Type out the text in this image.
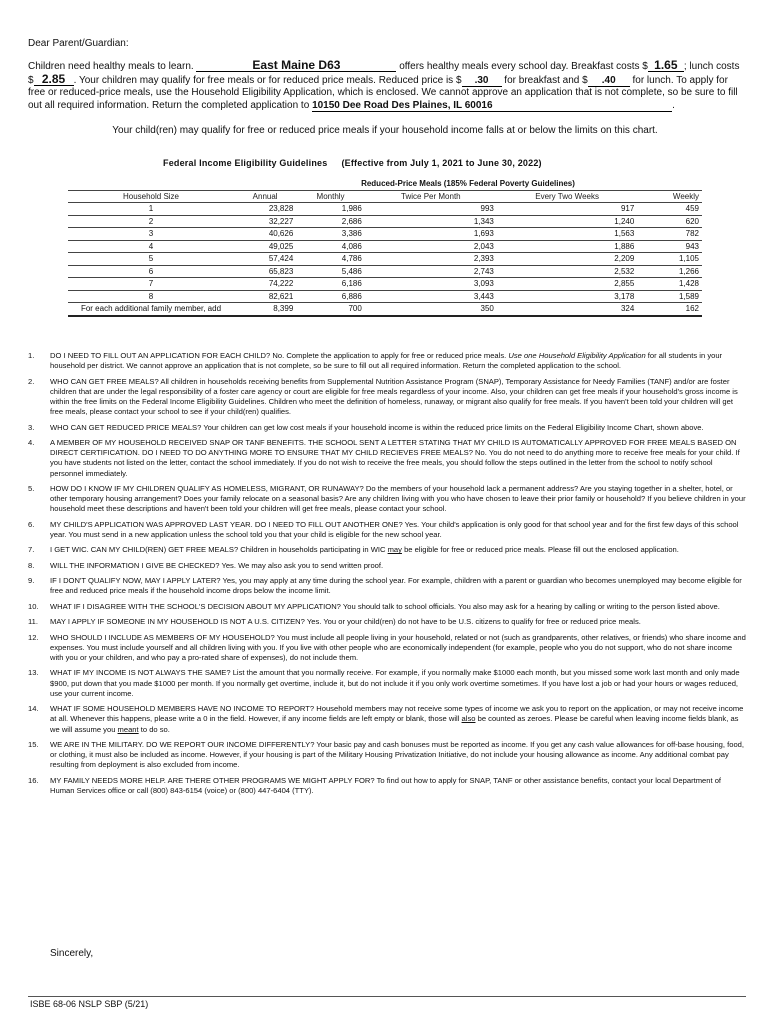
Dear Parent/Guardian:
Children need healthy meals to learn.	East Maine D63	offers healthy meals every school day. Breakfast costs $ 1.65 ; lunch costs $ 2.85 . Your children may qualify for free meals or for reduced price meals. Reduced price is $ .30 for breakfast and $ .40 for lunch. To apply for free or reduced-price meals, use the Household Eligibility Application, which is enclosed. We cannot approve an application that is not complete, so be sure to fill out all required information. Return the completed application to 10150 Dee Road Des Plaines, IL 60016	.
Your child(ren) may qualify for free or reduced price meals if your household income falls at or below the limits on this chart.
Federal Income Eligibility Guidelines (Effective from July 1, 2021 to June 30, 2022)
	Reduced-Price Meals (185% Federal Poverty Guidelines)				
Household Size	Annual	Monthly	Twice Per Month	Every Two Weeks	Weekly
1	23,828	1,986	993	917	459
2	32,227	2,686	1,343	1,240	620
3	40,626	3,386	1,693	1,563	782
4	49,025	4,086	2,043	1,886	943
5	57,424	4,786	2,393	2,209	1,105
6	65,823	5,486	2,743	2,532	1,266
7	74,222	6,186	3,093	2,855	1,428
8	82,621	6,886	3,443	3,178	1,589
For each additional family member, add	8,399	700	350	324	162
1. DO I NEED TO FILL OUT AN APPLICATION FOR EACH CHILD? No. Complete the application to apply for free or reduced price meals. Use one Household Eligibility Application for all students in your household per district. We cannot approve an application that is not complete, so be sure to fill out all required information. Return the completed application to the school.
2. WHO CAN GET FREE MEALS? All children in households receiving benefits from Supplemental Nutrition Assistance Program (SNAP), Temporary Assistance for Needy Families (TANF) and/or are foster children that are under the legal responsibility of a foster care agency or court are eligible for free meals regardless of your income. Also, your children can get free meals if your household's gross income is within the free limits on the Federal Income Eligibility Guidelines. Children who meet the definition of homeless, runaway, or migrant also qualify for free meals. If you haven't been told your children will get free meals, please contact your school to see if your child(ren) qualifies.
3. WHO CAN GET REDUCED PRICE MEALS? Your children can get low cost meals if your household income is within the reduced price limits on the Federal Eligibility Income Chart, shown above.
4. A MEMBER OF MY HOUSEHOLD RECEIVED SNAP OR TANF BENEFITS. THE SCHOOL SENT A LETTER STATING THAT MY CHILD IS AUTOMATICALLY APPROVED FOR FREE MEALS BASED ON DIRECT CERTIFICATION. DO I NEED TO DO ANYTHING MORE TO ENSURE THAT MY CHILD RECIEVES FREE MEALS? No. You do not need to do anything more to receive free meals for your child. If you have students not listed on the letter, contact the school immediately. If you do not wish to receive the free meals, you should follow the steps outlined in the letter from the school to notify school personnel immediately.
5. HOW DO I KNOW IF MY CHILDREN QUALIFY AS HOMELESS, MIGRANT, OR RUNAWAY? Do the members of your household lack a permanent address? Are you staying together in a shelter, hotel, or other temporary housing arrangement? Does your family relocate on a seasonal basis? Are any children living with you who have chosen to leave their prior family or household? If you believe children in your household meet these descriptions and haven't been told your children will get free meals, please contact your school.
6. MY CHILD'S APPLICATION WAS APPROVED LAST YEAR. DO I NEED TO FILL OUT ANOTHER ONE? Yes. Your child's application is only good for that school year and for the first few days of this school year. You must send in a new application unless the school told you that your child is eligible for the new school year.
7. I GET WIC. CAN MY CHILD(REN) GET FREE MEALS? Children in households participating in WIC may be eligible for free or reduced price meals. Please fill out the enclosed application.
8. WILL THE INFORMATION I GIVE BE CHECKED? Yes. We may also ask you to send written proof.
9. IF I DON'T QUALIFY NOW, MAY I APPLY LATER? Yes, you may apply at any time during the school year. For example, children with a parent or guardian who becomes unemployed may become eligible for free and reduced price meals if the household income drops below the income limit.
10. WHAT IF I DISAGREE WITH THE SCHOOL'S DECISION ABOUT MY APPLICATION? You should talk to school officials. You also may ask for a hearing by calling or writing to the person listed above.
11. MAY I APPLY IF SOMEONE IN MY HOUSEHOLD IS NOT A U.S. CITIZEN? Yes. You or your child(ren) do not have to be U.S. citizens to qualify for free or reduced price meals.
12. WHO SHOULD I INCLUDE AS MEMBERS OF MY HOUSEHOLD? You must include all people living in your household, related or not (such as grandparents, other relatives, or friends) who share income and expenses. You must include yourself and all children living with you. If you live with other people who are economically independent (for example, people who you do not support, who do not share income with you or your children, and who pay a pro-rated share of expenses), do not include them.
13. WHAT IF MY INCOME IS NOT ALWAYS THE SAME? List the amount that you normally receive. For example, if you normally make $1000 each month, but you missed some work last month and only made $900, put down that you made $1000 per month. If you normally get overtime, include it, but do not include it if you only work overtime sometimes. If you have lost a job or had your hours or wages reduced, use your current income.
14. WHAT IF SOME HOUSEHOLD MEMBERS HAVE NO INCOME TO REPORT? Household members may not receive some types of income we ask you to report on the application, or may not receive income at all. Whenever this happens, please write a 0 in the field. However, if any income fields are left empty or blank, those will also be counted as zeroes. Please be careful when leaving income fields blank, as we will assume you meant to do so.
15. WE ARE IN THE MILITARY. DO WE REPORT OUR INCOME DIFFERENTLY? Your basic pay and cash bonuses must be reported as income. If you get any cash value allowances for off-base housing, food, or clothing, it must also be included as income. However, if your housing is part of the Military Housing Privatization Initiative, do not include your housing allowance as income. Any additional combat pay resulting from deployment is also excluded from income.
16. MY FAMILY NEEDS MORE HELP. ARE THERE OTHER PROGRAMS WE MIGHT APPLY FOR? To find out how to apply for SNAP, TANF or other assistance benefits, contact your local Department of Human Services office or call (800) 843-6154 (voice) or (800) 447-6404 (TTY).
Sincerely,
ISBE 68-06 NSLP SBP (5/21)
